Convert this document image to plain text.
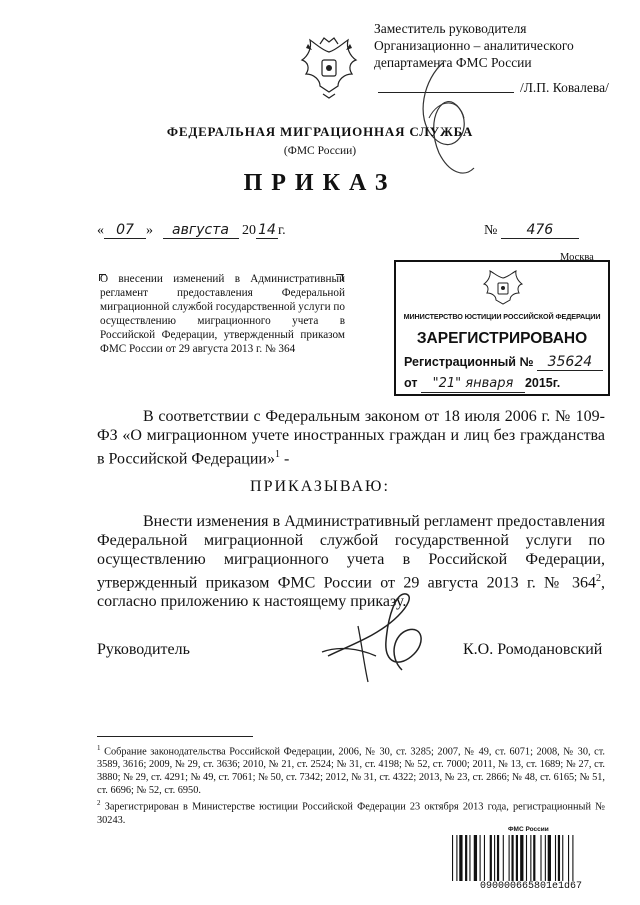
Заместитель руководителя
Организационно – аналитического
департамента ФМС России
/Л.П. Ковалева/
ФЕДЕРАЛЬНАЯ МИГРАЦИОННАЯ СЛУЖБА
(ФМС России)
ПРИКАЗ
« 07 » августа 20 14 г.	№ 476
Москва
О внесении изменений в Административный регламент предоставления Федеральной миграционной службой государственной услуги по осуществлению миграционного учета в Российской Федерации, утвержденный приказом ФМС России от 29 августа 2013 г. № 364
МИНИСТЕРСТВО ЮСТИЦИИ РОССИЙСКОЙ ФЕДЕРАЦИИ
ЗАРЕГИСТРИРОВАНО
Регистрационный № 35624
от "21" января 2015г.
В соответствии с Федеральным законом от 18 июля 2006 г. № 109-ФЗ «О миграционном учете иностранных граждан и лиц без гражданства в Российской Федерации»$^1$ -
ПРИКАЗЫВАЮ:
Внести изменения в Административный регламент предоставления Федеральной миграционной службой государственной услуги по осуществлению миграционного учета в Российской Федерации, утвержденный приказом ФМС России от 29 августа 2013 г. № $364^2$, согласно приложению к настоящему приказу.
Руководитель	К.О. Ромодановский
$^1$ Собрание законодательства Российской Федерации, 2006, № 30, ст. 3285; 2007, № 49, ст. 6071; 2008, № 30, ст. 3589, 3616; 2009, № 29, ст. 3636; 2010, № 21, ст. 2524; № 31, ст. 4198; № 52, ст. 7000; 2011, № 13, ст. 1689; № 27, ст. 3880; № 29, ст. 4291; № 49, ст. 7061; № 50, ст. 7342; 2012, № 31, ст. 4322; 2013, № 23, ст. 2866; № 48, ст. 6165; № 51, ст. 6696; № 52, ст. 6950.
$^2$ Зарегистрирован в Министерстве юстиции Российской Федерации 23 октября 2013 года, регистрационный № 30243.
ФМС России
090000665801e1d67
